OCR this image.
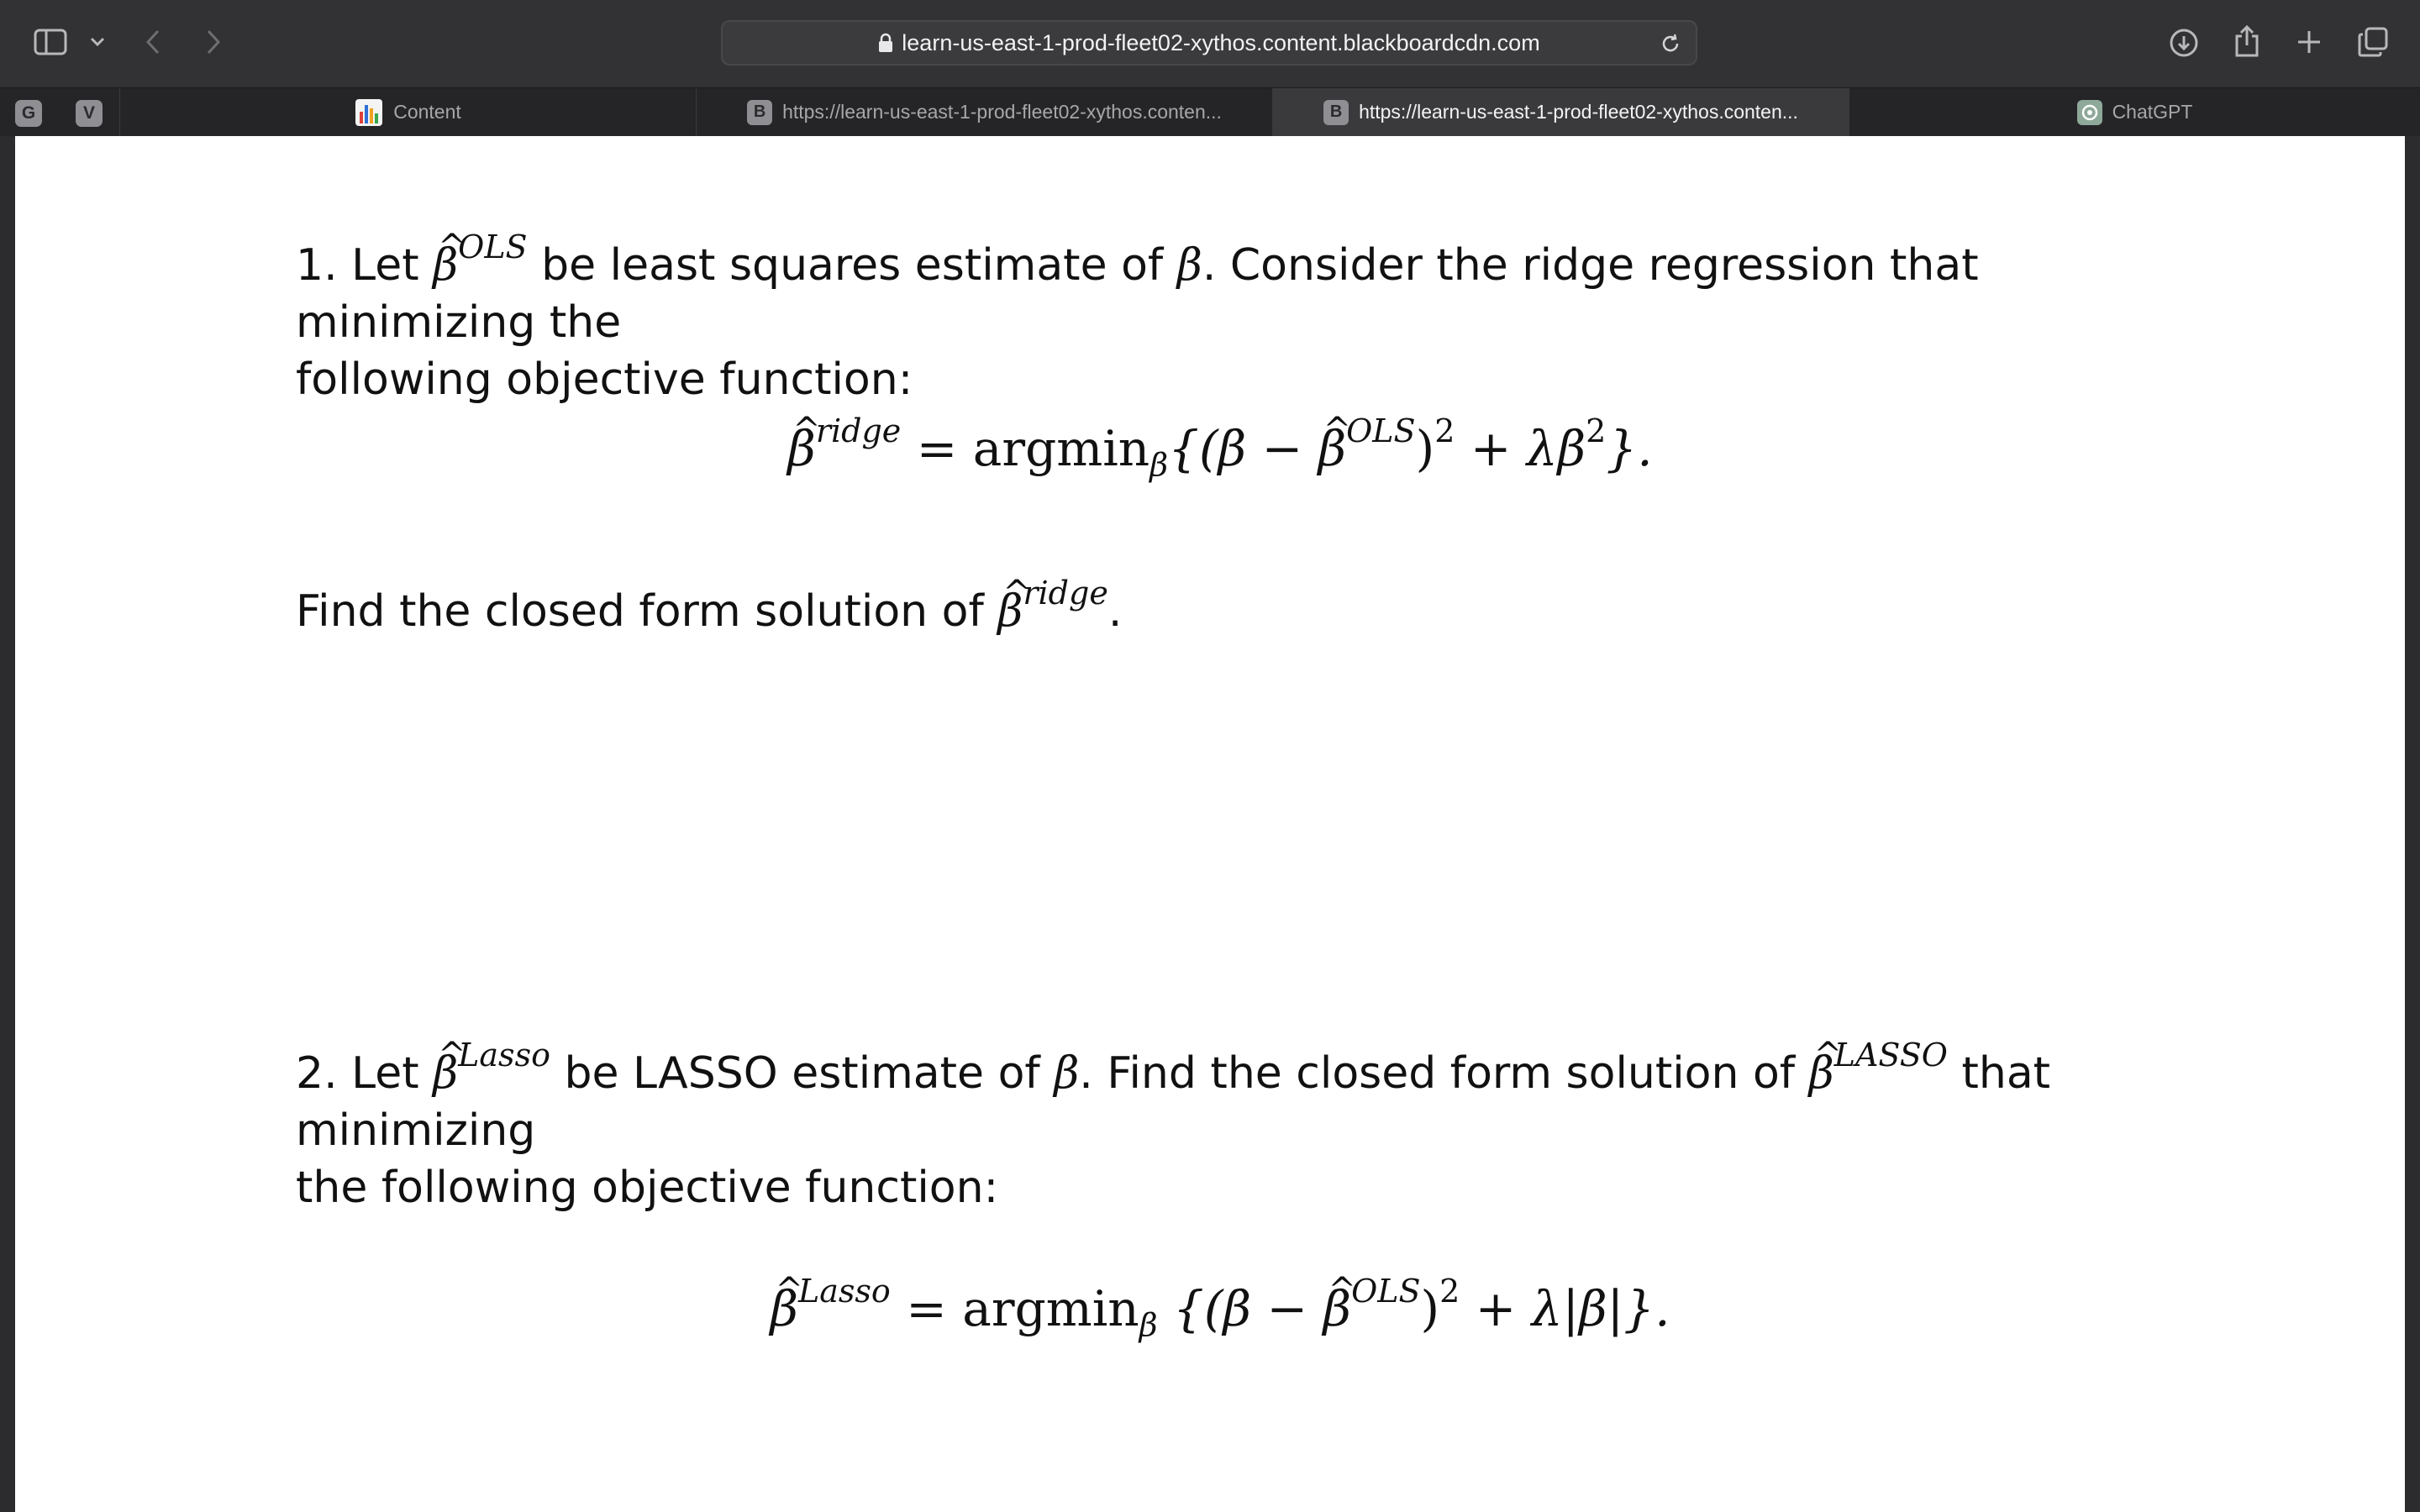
learn-us-east-1-prod-fleet02-xythos.content.blackboardcdn.com
G	V	Content	B https://learn-us-east-1-prod-fleet02-xythos.conten...	B https://learn-us-east-1-prod-fleet02-xythos.conten...	ChatGPT

1. Let ^ $\beta^{OLS}$ be least squares estimate of β. Consider the ridge regression that minimizing the
following objective function:

^ $\beta^{ridge} = argmin_\beta\{(\beta$ − ^ $\beta^{OLS})^2 + \lambda\beta^2$}.

Find the closed form solution of ^ $\beta^{ridge}$.

2. Let ^ $\beta^{Lasso}$ be LASSO estimate of β. Find the closed form solution of ^ $\beta^{LASSO}$ that minimizing
the following objective function:

^ $\beta^{Lasso} = argmin_\beta$ {(β − ^ $\beta^{OLS})^2 + \lambda|\beta|$}.
